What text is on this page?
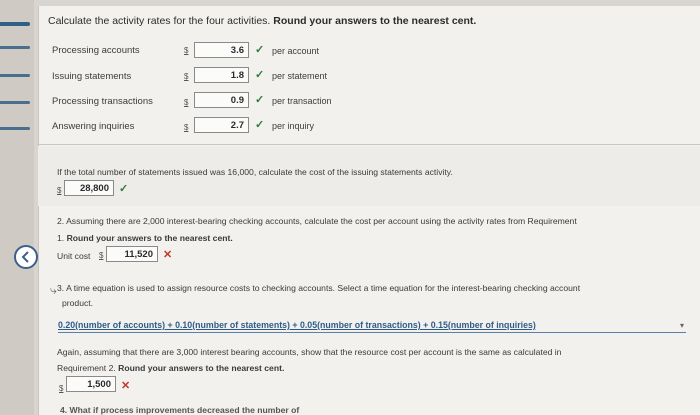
Calculate the activity rates for the four activities. Round your answers to the nearest cent.
Processing accounts	$	3.6	✓ per account
Issuing statements	$	1.8	✓ per statement
Processing transactions	$	0.9	✓ per transaction
Answering inquiries	$	2.7	✓ per inquiry
If the total number of statements issued was 16,000, calculate the cost of the issuing statements activity.
$	28,800 ✓
2. Assuming there are 2,000 interest-bearing checking accounts, calculate the cost per account using the activity rates from Requirement
1. Round your answers to the nearest cent.
Unit cost $	11,520 ✕
3. A time equation is used to assign resource costs to checking accounts. Select a time equation for the interest-bearing checking account
⤷
product.
0.20(number of accounts) + 0.10(number of statements) + 0.05(number of transactions) + 0.15(number of inquiries)	▾
Again, assuming that there are 3,000 interest bearing accounts, show that the resource cost per account is the same as calculated in
Requirement 2. Round your answers to the nearest cent.
$	1,500 ✕
4. What if process improvements decreased the number of
